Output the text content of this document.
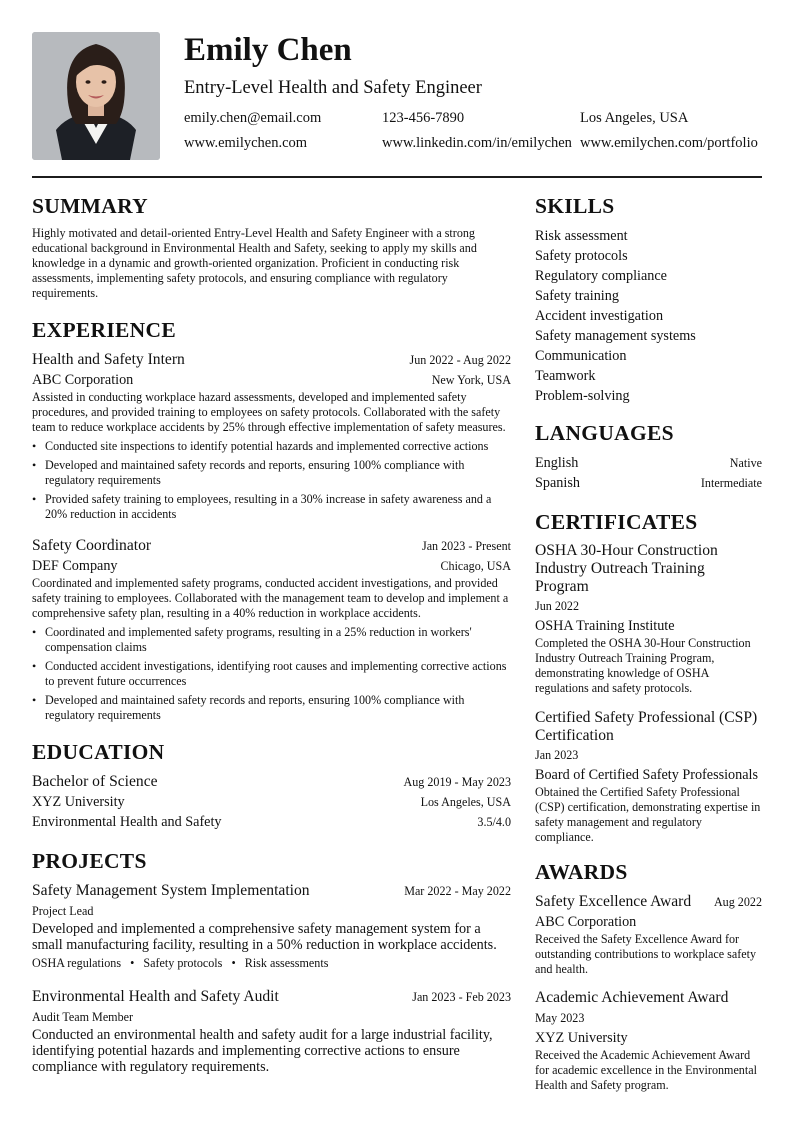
Emily Chen
Entry-Level Health and Safety Engineer
emily.chen@email.com	123-456-7890	Los Angeles, USA
www.emilychen.com	www.linkedin.com/in/emilychen www.emilychen.com/portfolio
SUMMARY
Highly motivated and detail-oriented Entry-Level Health and Safety Engineer with a strong educational background in Environmental Health and Safety, seeking to apply my skills and knowledge in a dynamic and growth-oriented organization. Proficient in conducting risk assessments, implementing safety protocols, and ensuring compliance with regulatory requirements.
EXPERIENCE
Health and Safety Intern	Jun 2022 - Aug 2022
ABC Corporation	New York, USA
Assisted in conducting workplace hazard assessments, developed and implemented safety procedures, and provided training to employees on safety protocols. Collaborated with the safety team to reduce workplace accidents by 25% through effective implementation of safety measures.
• Conducted site inspections to identify potential hazards and implemented corrective actions
• Developed and maintained safety records and reports, ensuring 100% compliance with regulatory requirements
• Provided safety training to employees, resulting in a 30% increase in safety awareness and a 20% reduction in accidents
Safety Coordinator	Jan 2023 - Present
DEF Company	Chicago, USA
Coordinated and implemented safety programs, conducted accident investigations, and provided safety training to employees. Collaborated with the management team to develop and implement a comprehensive safety plan, resulting in a 40% reduction in workplace accidents.
• Coordinated and implemented safety programs, resulting in a 25% reduction in workers' compensation claims
• Conducted accident investigations, identifying root causes and implementing corrective actions to prevent future occurrences
• Developed and maintained safety records and reports, ensuring 100% compliance with regulatory requirements
EDUCATION
Bachelor of Science	Aug 2019 - May 2023
XYZ University	Los Angeles, USA
Environmental Health and Safety	3.5/4.0
PROJECTS
Safety Management System Implementation	Mar 2022 - May 2022
Project Lead
Developed and implemented a comprehensive safety management system for a small manufacturing facility, resulting in a 50% reduction in workplace accidents.
OSHA regulations   •   Safety protocols   •   Risk assessments
Environmental Health and Safety Audit	Jan 2023 - Feb 2023
Audit Team Member
Conducted an environmental health and safety audit for a large industrial facility, identifying potential hazards and implementing corrective actions to ensure compliance with regulatory requirements.
SKILLS
Risk assessment
Safety protocols
Regulatory compliance
Safety training
Accident investigation
Safety management systems
Communication
Teamwork
Problem-solving
LANGUAGES
English	Native
Spanish	Intermediate
CERTIFICATES
OSHA 30-Hour Construction Industry Outreach Training Program
Jun 2022
OSHA Training Institute
Completed the OSHA 30-Hour Construction Industry Outreach Training Program, demonstrating knowledge of OSHA regulations and safety protocols.
Certified Safety Professional (CSP) Certification
Jan 2023
Board of Certified Safety Professionals
Obtained the Certified Safety Professional (CSP) certification, demonstrating expertise in safety management and regulatory compliance.
AWARDS
Safety Excellence Award Aug 2022
ABC Corporation
Received the Safety Excellence Award for outstanding contributions to workplace safety and health.
Academic Achievement Award
May 2023
XYZ University
Received the Academic Achievement Award for academic excellence in the Environmental Health and Safety program.
